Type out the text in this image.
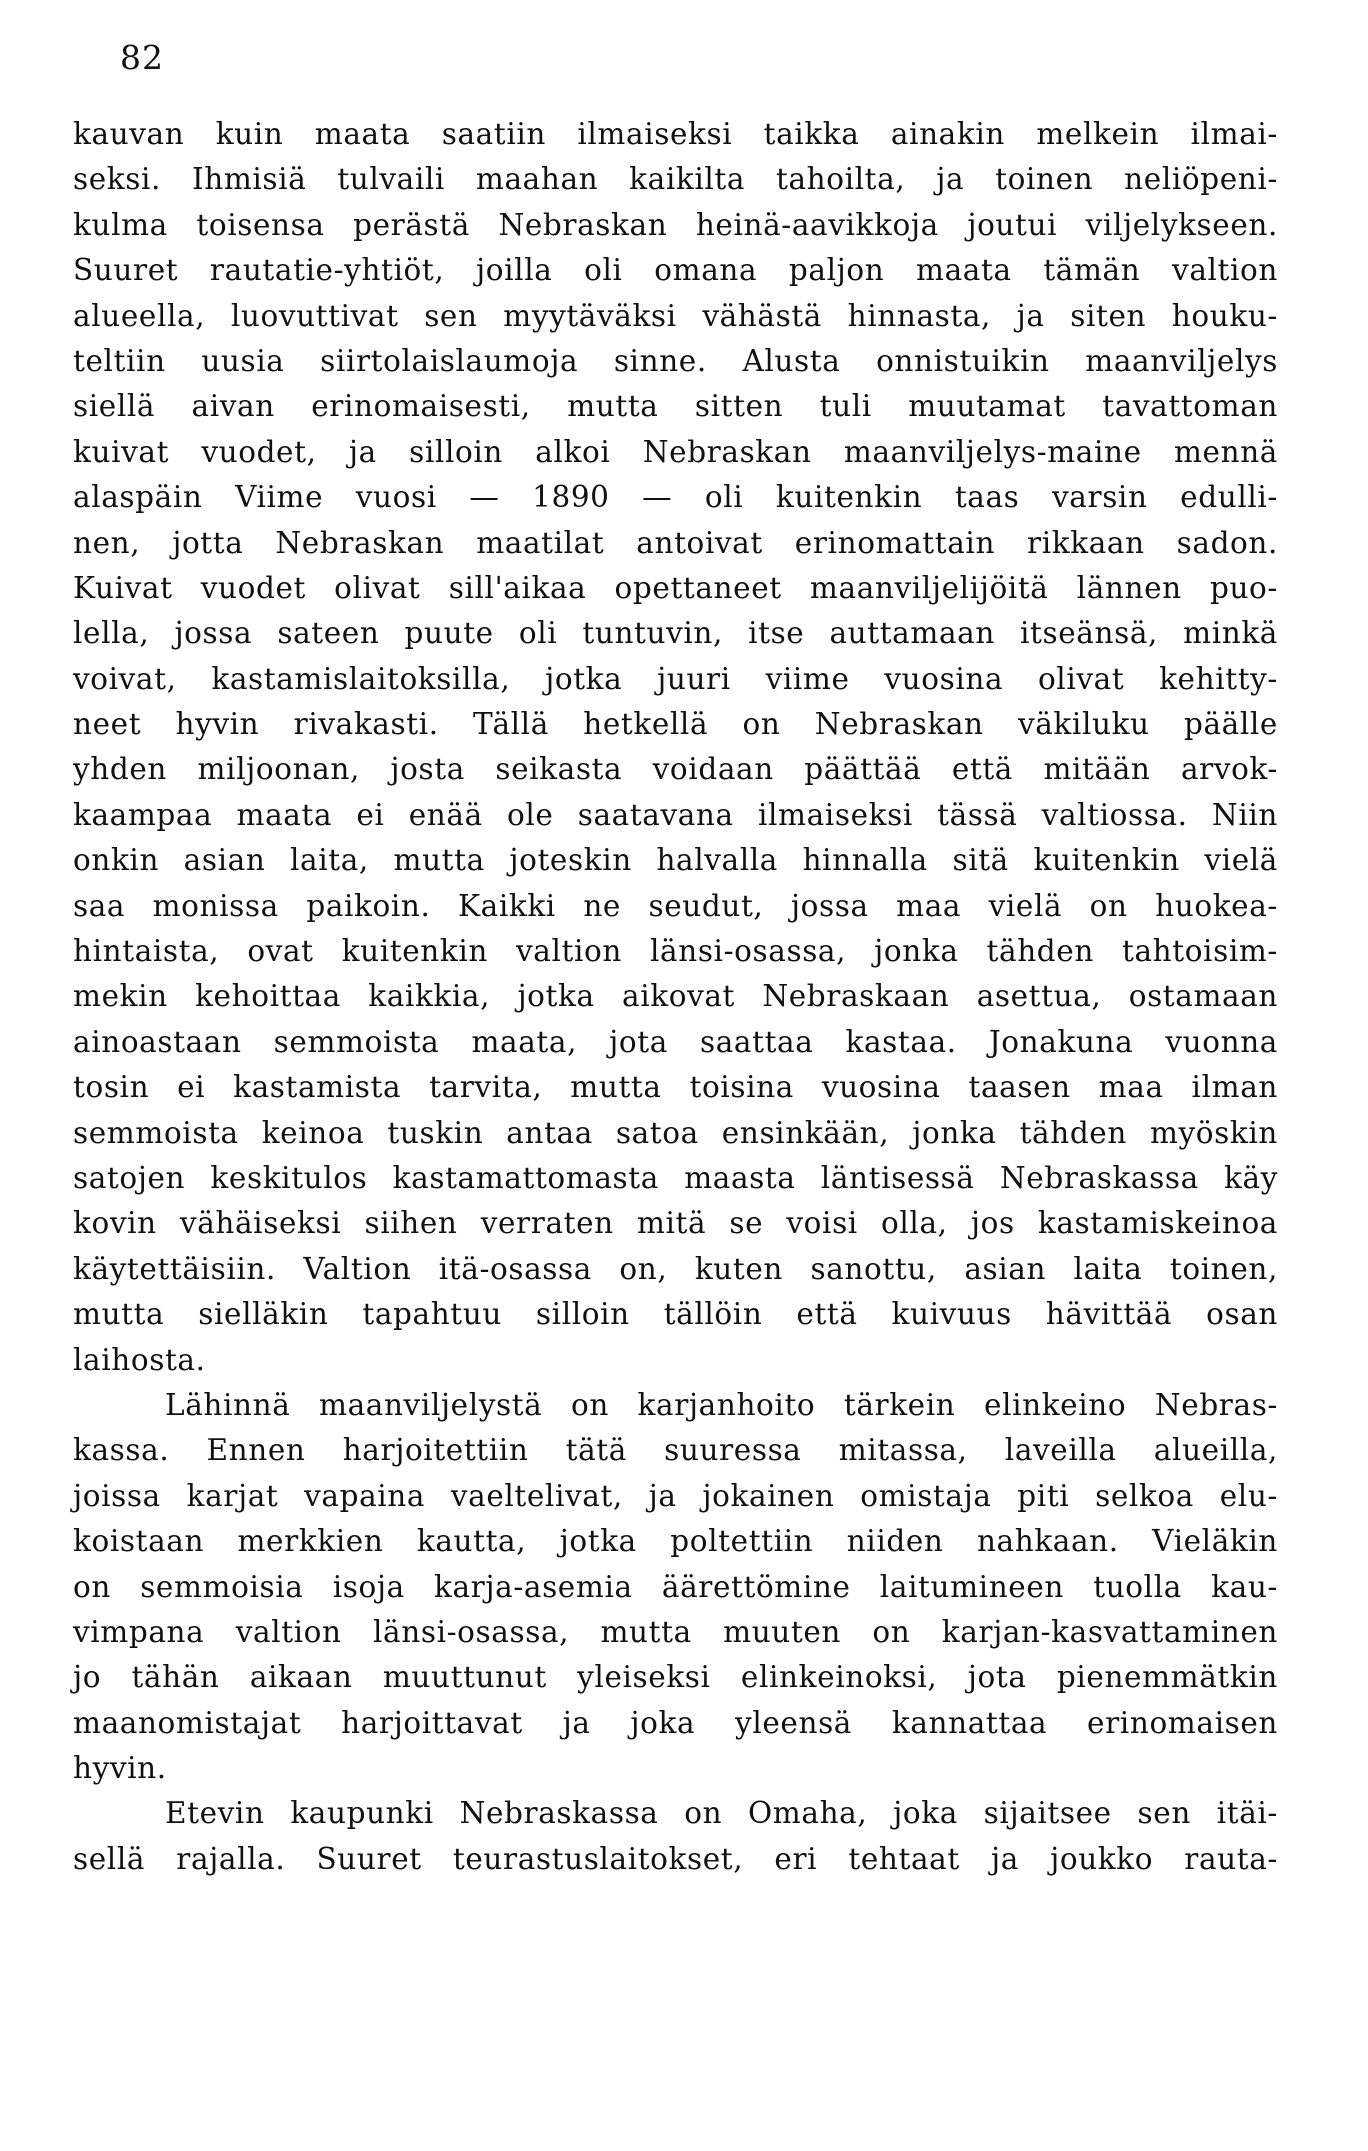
82
kauvan kuin maata saatiin ilmaiseksi taikka ainakin melkein ilmai-
seksi. Ihmisiä tulvaili maahan kaikilta tahoilta, ja toinen neliöpeni-
kulma toisensa perästä Nebraskan heinä-aavikkoja joutui viljelykseen.
Suuret rautatie-yhtiöt, joilla oli omana paljon maata tämän valtion
alueella, luovuttivat sen myytäväksi vähästä hinnasta, ja siten houku-
teltiin uusia siirtolaislaumoja sinne. Alusta onnistuikin maanviljelys
siellä aivan erinomaisesti, mutta sitten tuli muutamat tavattoman
kuivat vuodet, ja silloin alkoi Nebraskan maanviljelys-maine mennä
alaspäin Viime vuosi — 1890 — oli kuitenkin taas varsin edulli-
nen, jotta Nebraskan maatilat antoivat erinomattain rikkaan sadon.
Kuivat vuodet olivat sill'aikaa opettaneet maanviljelijöitä lännen puo-
lella, jossa sateen puute oli tuntuvin, itse auttamaan itseänsä, minkä
voivat, kastamislaitoksilla, jotka juuri viime vuosina olivat kehitty-
neet hyvin rivakasti. Tällä hetkellä on Nebraskan väkiluku päälle
yhden miljoonan, josta seikasta voidaan päättää että mitään arvok-
kaampaa maata ei enää ole saatavana ilmaiseksi tässä valtiossa. Niin
onkin asian laita, mutta joteskin halvalla hinnalla sitä kuitenkin vielä
saa monissa paikoin. Kaikki ne seudut, jossa maa vielä on huokea-
hintaista, ovat kuitenkin valtion länsi-osassa, jonka tähden tahtoisim-
mekin kehoittaa kaikkia, jotka aikovat Nebraskaan asettua, ostamaan
ainoastaan semmoista maata, jota saattaa kastaa. Jonakuna vuonna
tosin ei kastamista tarvita, mutta toisina vuosina taasen maa ilman
semmoista keinoa tuskin antaa satoa ensinkään, jonka tähden myöskin
satojen keskitulos kastamattomasta maasta läntisessä Nebraskassa käy
kovin vähäiseksi siihen verraten mitä se voisi olla, jos kastamiskeinoa
käytettäisiin. Valtion itä-osassa on, kuten sanottu, asian laita toinen,
mutta sielläkin tapahtuu silloin tällöin että kuivuus hävittää osan
laihosta.
Lähinnä maanviljelystä on karjanhoito tärkein elinkeino Nebras-
kassa. Ennen harjoitettiin tätä suuressa mitassa, laveilla alueilla,
joissa karjat vapaina vaeltelivat, ja jokainen omistaja piti selkoa elu-
koistaan merkkien kautta, jotka poltettiin niiden nahkaan. Vieläkin
on semmoisia isoja karja-asemia äärettömine laitumineen tuolla kau-
vimpana valtion länsi-osassa, mutta muuten on karjan-kasvattaminen
jo tähän aikaan muuttunut yleiseksi elinkeinoksi, jota pienemmätkin
maanomistajat harjoittavat ja joka yleensä kannattaa erinomaisen
hyvin.
Etevin kaupunki Nebraskassa on Omaha, joka sijaitsee sen itäi-
sellä rajalla. Suuret teurastuslaitokset, eri tehtaat ja joukko rauta-
